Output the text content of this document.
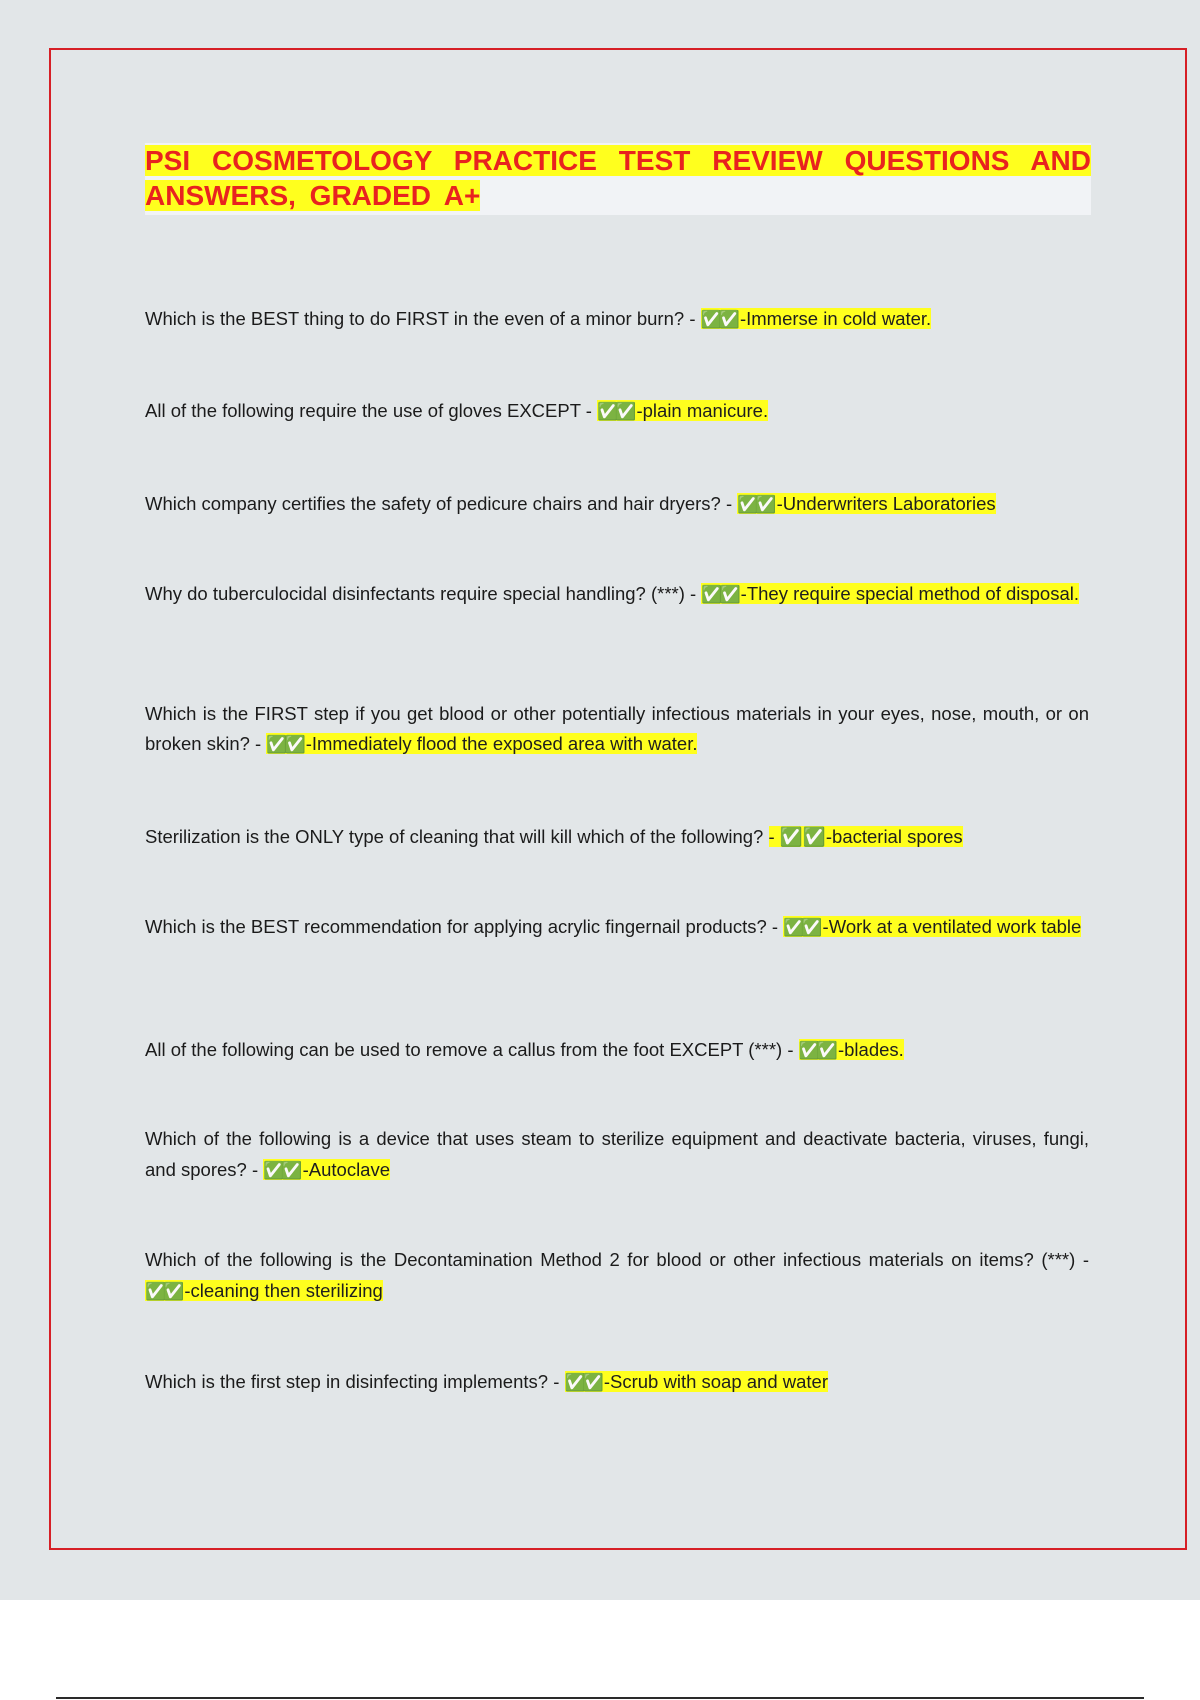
PSI COSMETOLOGY PRACTICE TEST REVIEW QUESTIONS AND ANSWERS, GRADED A+

Which is the BEST thing to do FIRST in the even of a minor burn? - ✅✅ -Immerse in cold water.

All of the following require the use of gloves EXCEPT - ✅✅ -plain manicure.

Which company certifies the safety of pedicure chairs and hair dryers? - ✅✅ -Underwriters Laboratories

Why do tuberculocidal disinfectants require special handling? (***) - ✅✅ -They require special method of disposal.

Which is the FIRST step if you get blood or other potentially infectious materials in your eyes, nose, mouth, or on broken skin? - ✅✅ -Immediately flood the exposed area with water.

Sterilization is the ONLY type of cleaning that will kill which of the following? - ✅✅-bacterial spores

Which is the BEST recommendation for applying acrylic fingernail products? - ✅✅ -Work at a ventilated work table

All of the following can be used to remove a callus from the foot EXCEPT (***) - ✅✅ -blades.

Which of the following is a device that uses steam to sterilize equipment and deactivate bacteria, viruses, fungi, and spores? - ✅✅ -Autoclave

Which of the following is the Decontamination Method 2 for blood or other infectious materials on items? (***) - ✅✅ -cleaning then sterilizing

Which is the first step in disinfecting implements? - ✅✅ -Scrub with soap and water
